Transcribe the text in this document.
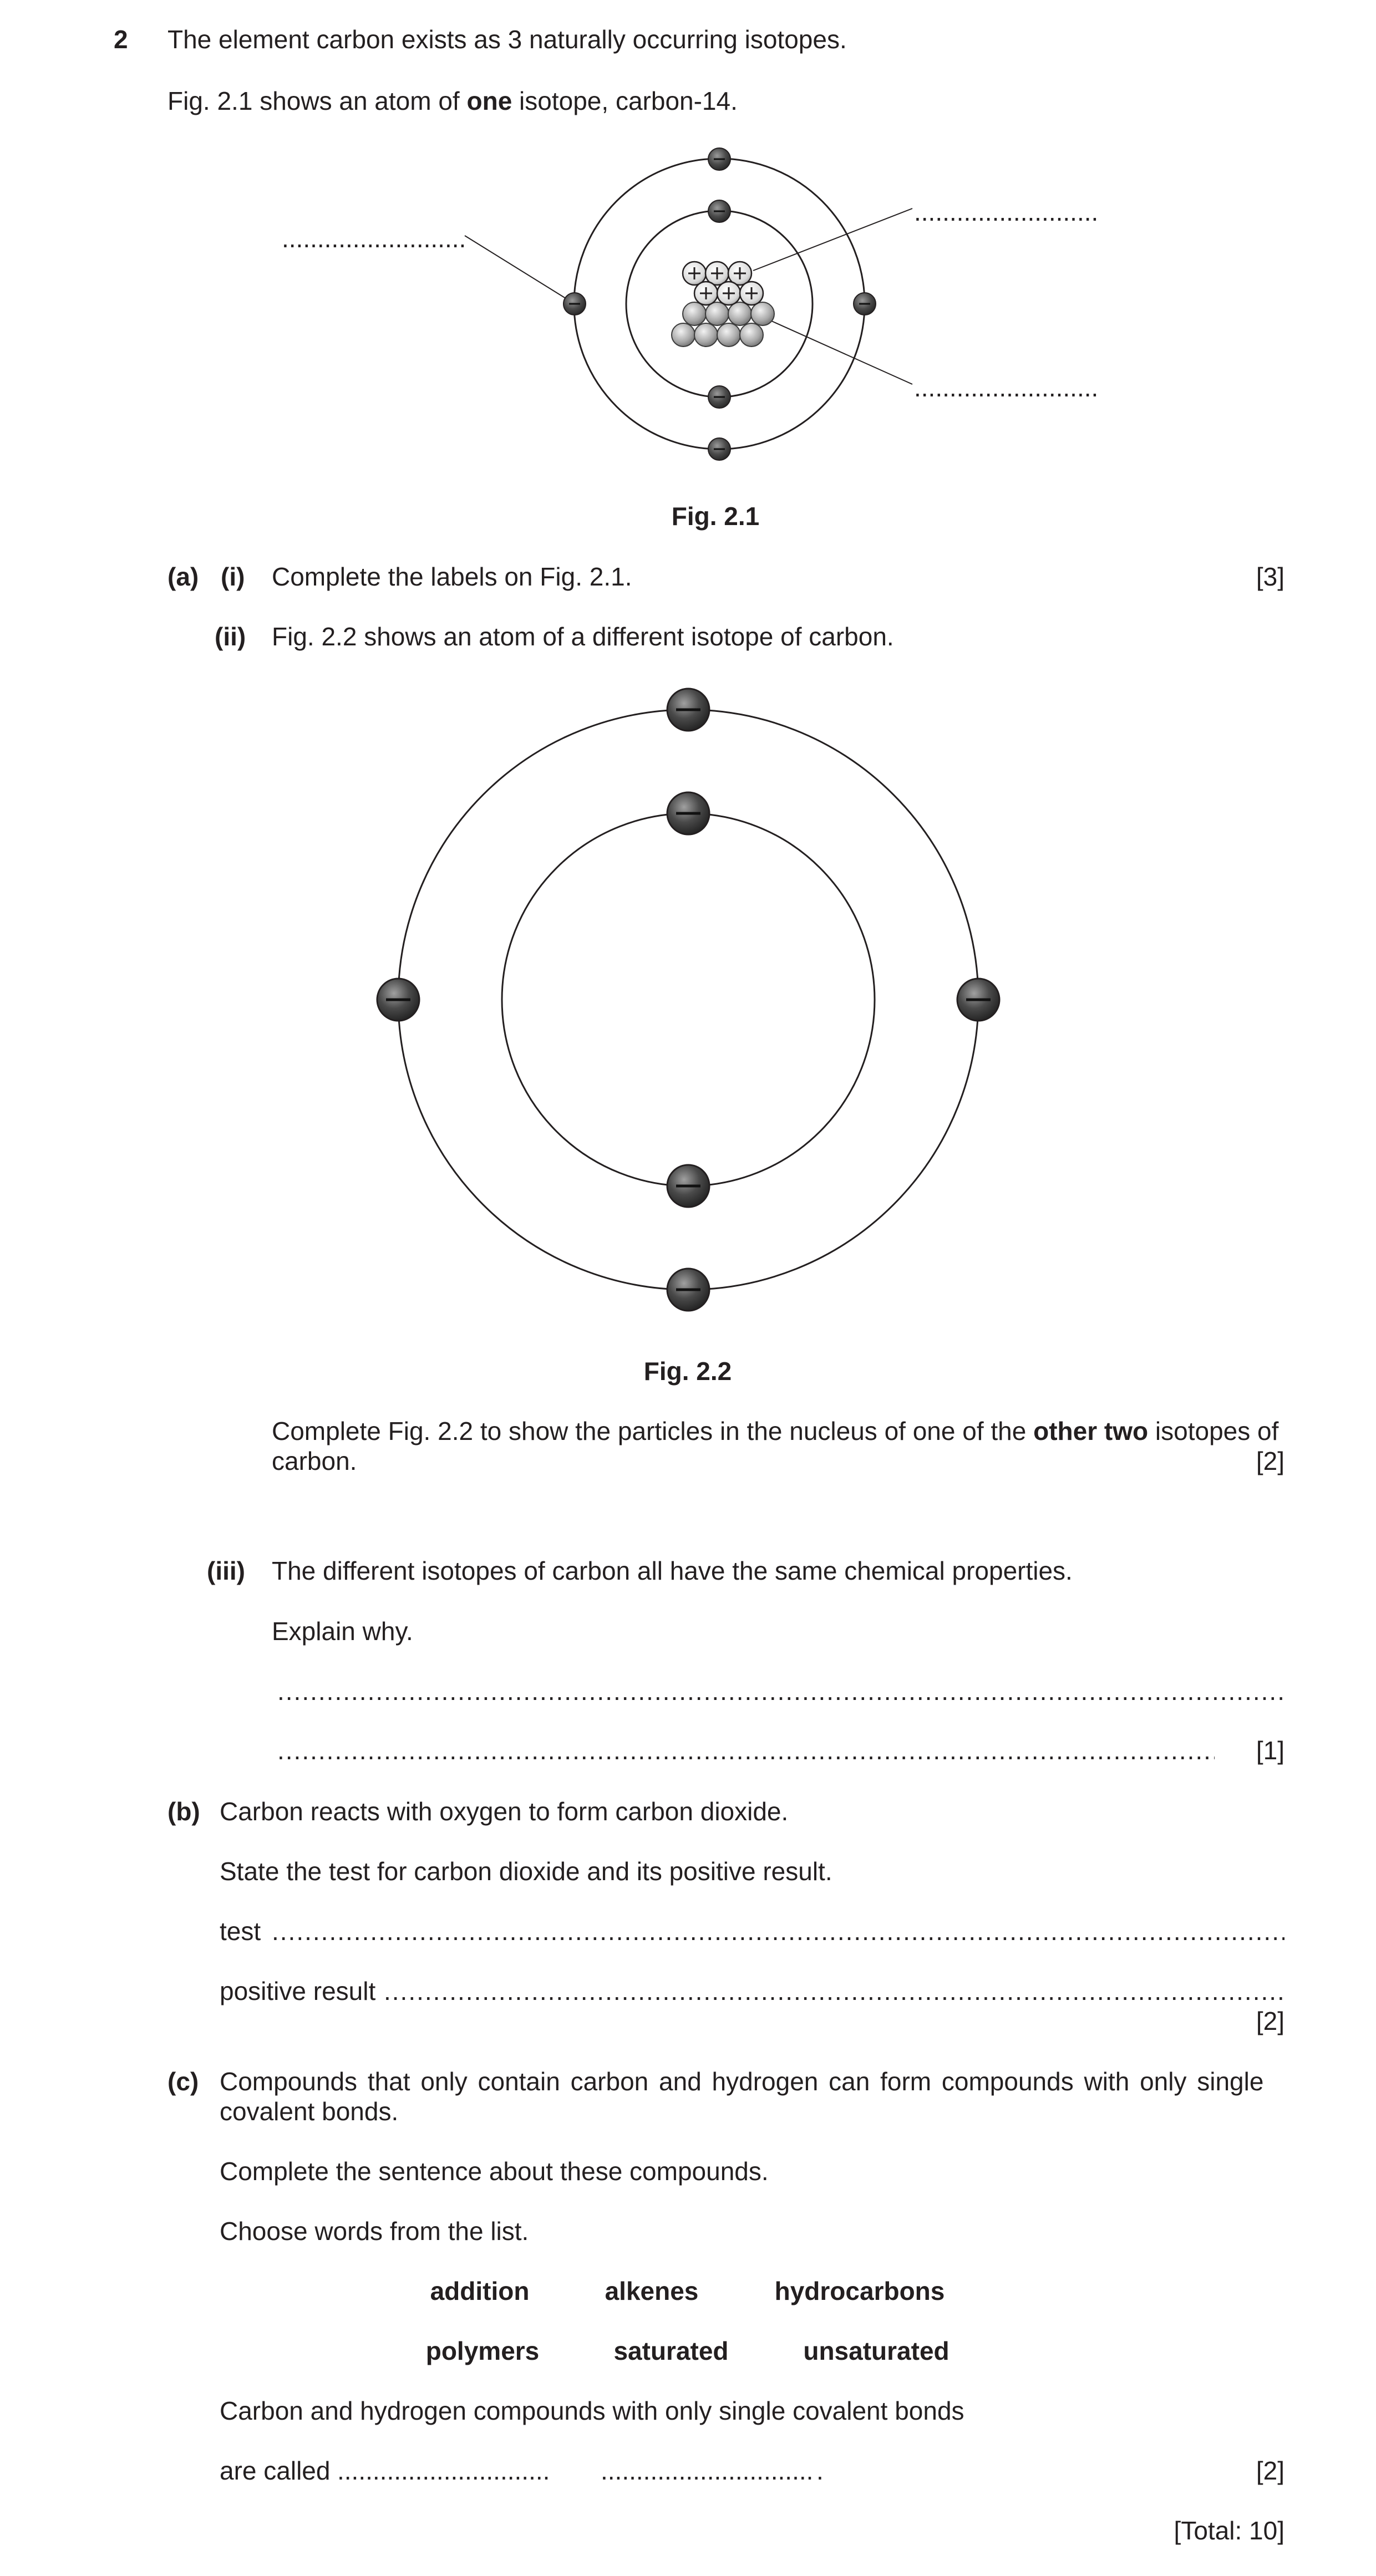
2 The element carbon exists as 3 naturally occurring isotopes.
Fig. 2.1 shows an atom of one isotope, carbon-14.
..........................
..........................
..........................
Fig. 2.1
(a) (i) Complete the labels on Fig. 2.1.	[3]
(ii) Fig. 2.2 shows an atom of a different isotope of carbon.
Fig. 2.2
Complete Fig. 2.2 to show the particles in the nucleus of one of the other two isotopes of
carbon.	[2]
(iii) The different isotopes of carbon all have the same chemical properties.
Explain why.
.....
.....
[1]
(b) Carbon reacts with oxygen to form carbon dioxide.
State the test for carbon dioxide and its positive result.
test
.....
positive result
.....
[2]
(c) Compounds that only contain carbon and hydrogen can form compounds with only single
covalent bonds.
Complete the sentence about these compounds.
Choose words from the list.
addition	alkenes	hydrocarbons
polymers	saturated	unsaturated
Carbon and hydrogen compounds with only single covalent bonds
are called .............................. .............................. .	[2]
[Total: 10]
